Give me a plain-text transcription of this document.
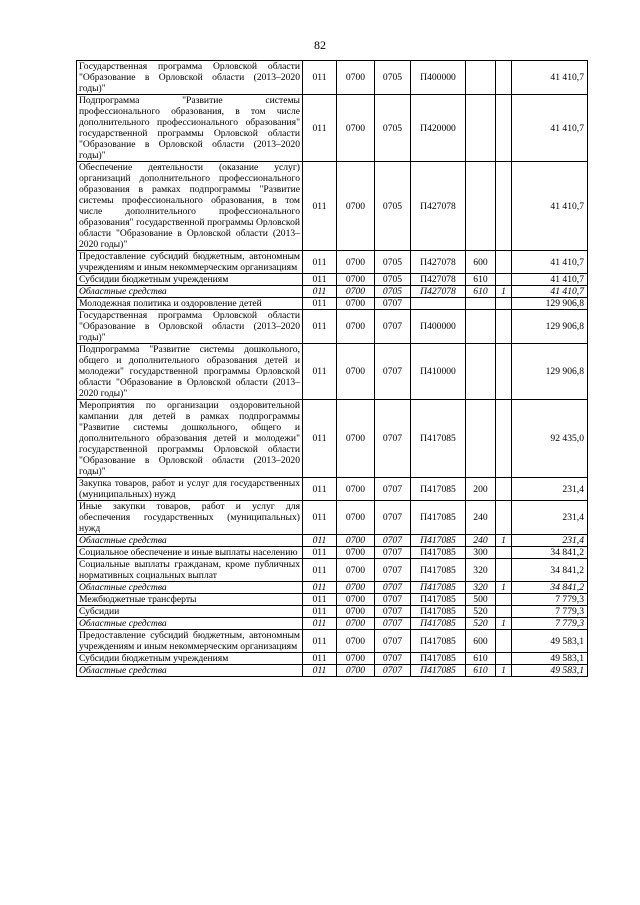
82
Государственная программа Орловской области "Образование в Орловской области (2013–2020 годы)"	011	0700	0705	П400000			41 410,7
Подпрограмма "Развитие системы профессионального образования, в том числе дополнительного профессионального образования" государственной программы Орловской области "Образование в Орловской области (2013–2020 годы)"	011	0700	0705	П420000			41 410,7
Обеспечение деятельности (оказание услуг) организаций дополнительного профессионального образования в рамках подпрограммы "Развитие системы профессионального образования, в том числе дополнительного профессионального образования" государственной программы Орловской области "Образование в Орловской области (2013–2020 годы)"	011	0700	0705	П427078			41 410,7
Предоставление субсидий бюджетным, автономным учреждениям и иным некоммерческим организациям	011	0700	0705	П427078	600		41 410,7
Субсидии бюджетным учреждениям	011	0700	0705	П427078	610		41 410,7
Областные средства	011	0700	0705	П427078	610	1	41 410,7
Молодежная политика и оздоровление детей	011	0700	0707				129 906,8
Государственная программа Орловской области "Образование в Орловской области (2013–2020 годы)"	011	0700	0707	П400000			129 906,8
Подпрограмма "Развитие системы дошкольного, общего и дополнительного образования детей и молодежи" государственной программы Орловской области "Образование в Орловской области (2013–2020 годы)"	011	0700	0707	П410000			129 906,8
Мероприятия по организации оздоровительной кампании для детей в рамках подпрограммы "Развитие системы дошкольного, общего и дополнительного образования детей и молодежи" государственной программы Орловской области "Образование в Орловской области (2013–2020 годы)"	011	0700	0707	П417085			92 435,0
Закупка товаров, работ и услуг для государственных (муниципальных) нужд	011	0700	0707	П417085	200		231,4
Иные закупки товаров, работ и услуг для обеспечения государственных (муниципальных) нужд	011	0700	0707	П417085	240		231,4
Областные средства	011	0700	0707	П417085	240	1	231,4
Социальное обеспечение и иные выплаты населению	011	0700	0707	П417085	300		34 841,2
Социальные выплаты гражданам, кроме публичных нормативных социальных выплат	011	0700	0707	П417085	320		34 841,2
Областные средства	011	0700	0707	П417085	320	1	34 841,2
Межбюджетные трансферты	011	0700	0707	П417085	500		7 779,3
Субсидии	011	0700	0707	П417085	520		7 779,3
Областные средства	011	0700	0707	П417085	520	1	7 779,3
Предоставление субсидий бюджетным, автономным учреждениям и иным некоммерческим организациям	011	0700	0707	П417085	600		49 583,1
Субсидии бюджетным учреждениям	011	0700	0707	П417085	610		49 583,1
Областные средства	011	0700	0707	П417085	610	1	49 583,1
